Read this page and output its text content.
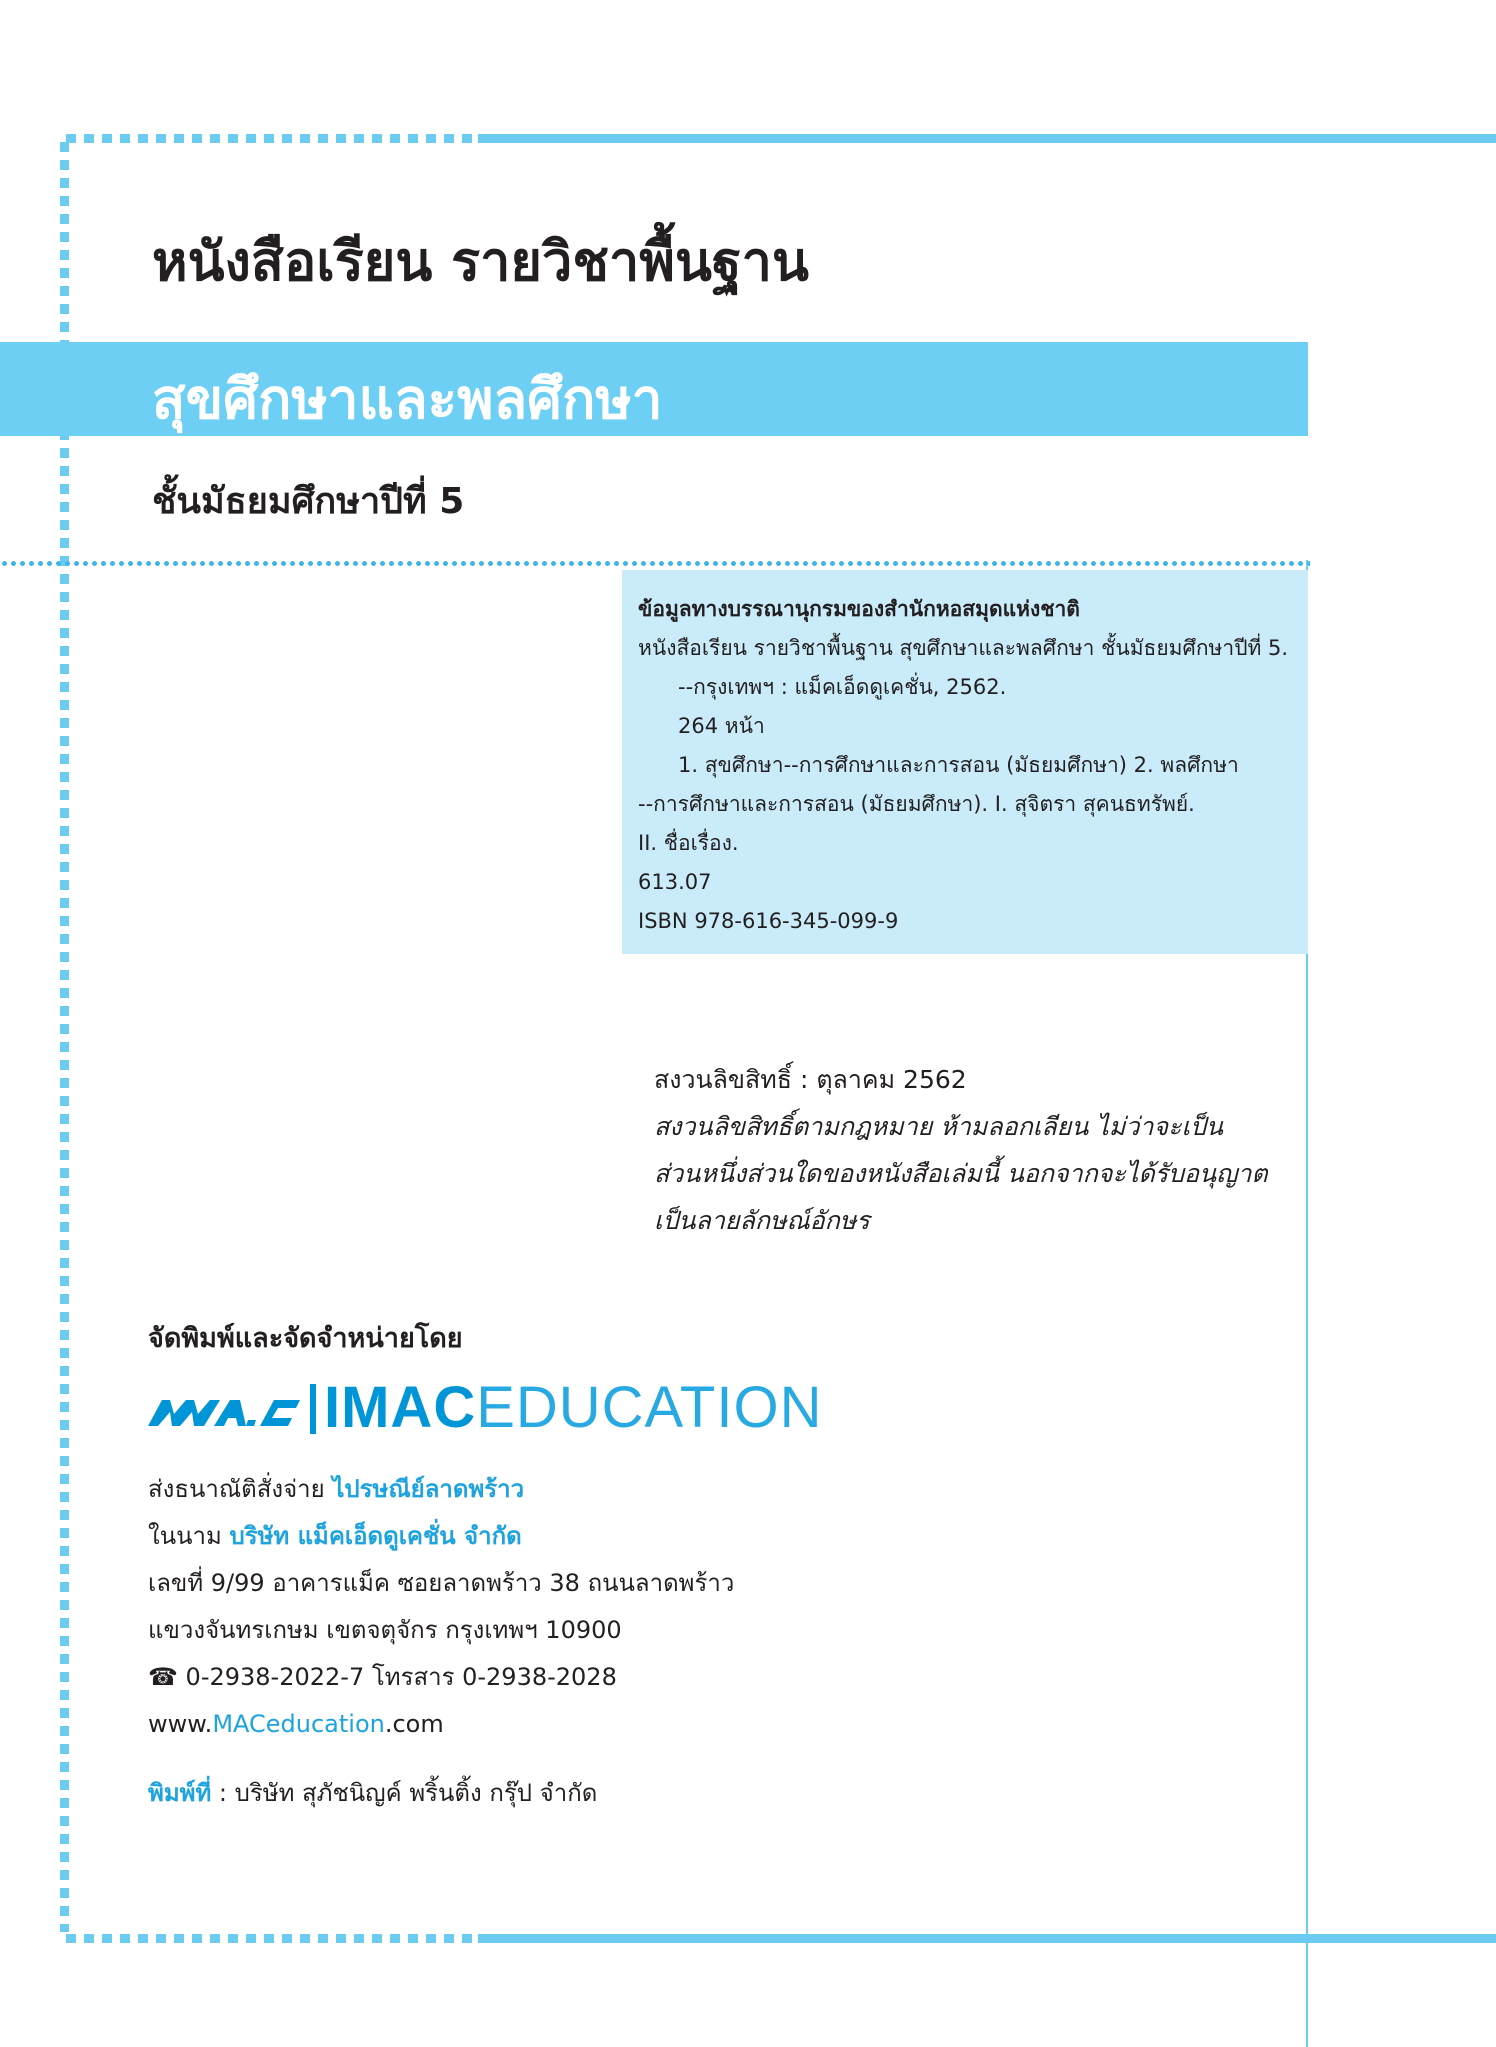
หนังสือเรียน รายวิชาพื้นฐาน
สุขศึกษาและพลศึกษา
ชั้นมัธยมศึกษาปีที่ 5
ข้อมูลทางบรรณานุกรมของสำนักหอสมุดแห่งชาติ
หนังสือเรียน รายวิชาพื้นฐาน สุขศึกษาและพลศึกษา ชั้นมัธยมศึกษาปีที่ 5.
--กรุงเทพฯ : แม็คเอ็ดดูเคชั่น, 2562.
264 หน้า
1. สุขศึกษา--การศึกษาและการสอน (มัธยมศึกษา) 2. พลศึกษา
--การศึกษาและการสอน (มัธยมศึกษา). I. สุจิตรา สุคนธทรัพย์.
II. ชื่อเรื่อง.
613.07
ISBN 978-616-345-099-9
สงวนลิขสิทธิ์ : ตุลาคม 2562
สงวนลิขสิทธิ์ตามกฎหมาย ห้ามลอกเลียน ไม่ว่าจะเป็น
ส่วนหนึ่งส่วนใดของหนังสือเล่มนี้ นอกจากจะได้รับอนุญาต
เป็นลายลักษณ์อักษร
จัดพิมพ์และจัดจำหน่ายโดย
IMACEDUCATION
ส่งธนาณัติสั่งจ่าย ไปรษณีย์ลาดพร้าว
ในนาม บริษัท แม็คเอ็ดดูเคชั่น จำกัด
เลขที่ 9/99 อาคารแม็ค ซอยลาดพร้าว 38 ถนนลาดพร้าว
แขวงจันทรเกษม เขตจตุจักร กรุงเทพฯ 10900
☎ 0-2938-2022-7 โทรสาร 0-2938-2028
www.MACeducation.com
พิมพ์ที่ : บริษัท สุภัชนิญค์ พริ้นติ้ง กรุ๊ป จำกัด
